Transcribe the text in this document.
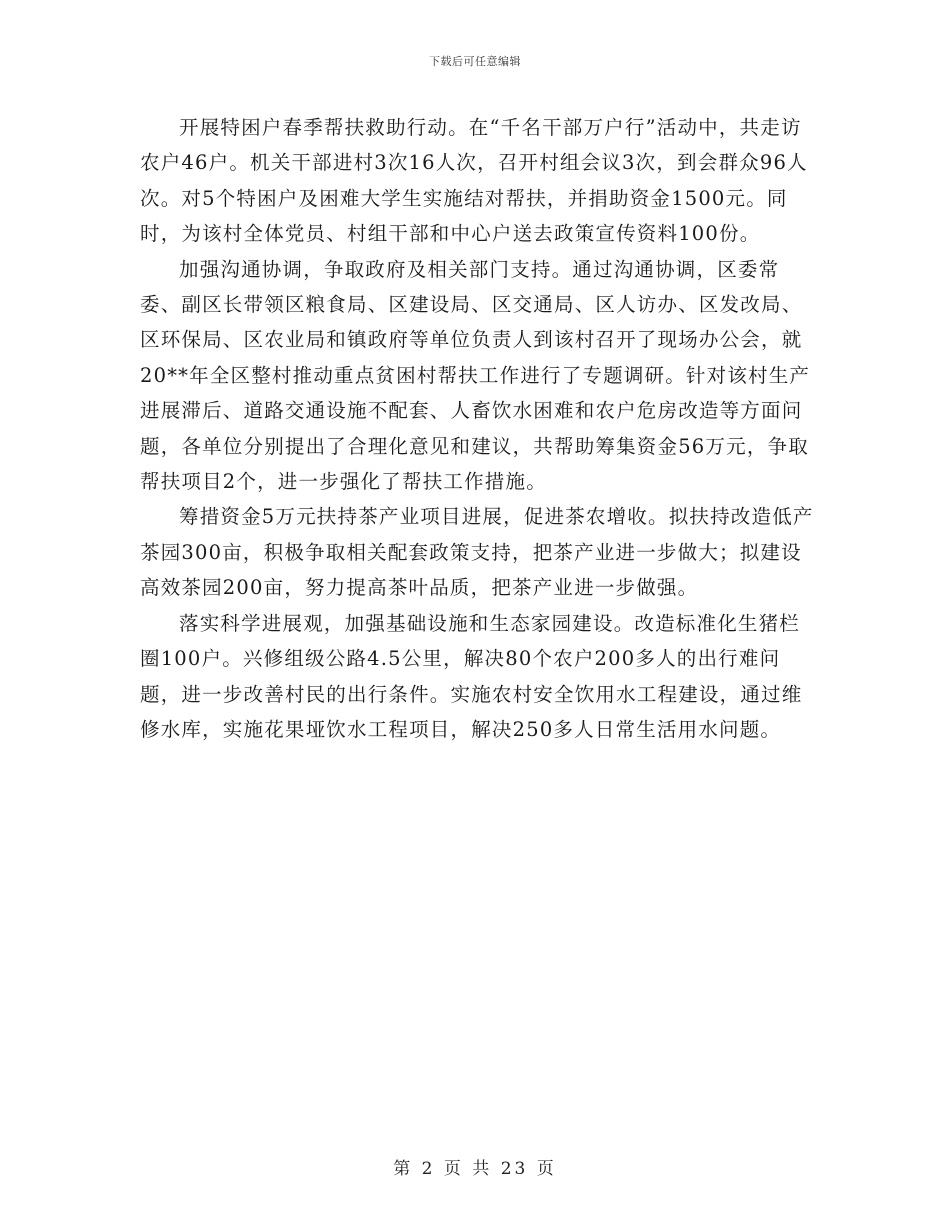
下载后可任意编辑

开展特困户春季帮扶救助行动。在“千名干部万户行”活动中，共走访农户46户。机关干部进村3次16人次，召开村组会议3次，到会群众96人次。对5个特困户及困难大学生实施结对帮扶，并捐助资金1500元。同时，为该村全体党员、村组干部和中心户送去政策宣传资料100份。

加强沟通协调，争取政府及相关部门支持。通过沟通协调，区委常委、副区长带领区粮食局、区建设局、区交通局、区人访办、区发改局、区环保局、区农业局和镇政府等单位负责人到该村召开了现场办公会，就20**年全区整村推动重点贫困村帮扶工作进行了专题调研。针对该村生产进展滞后、道路交通设施不配套、人畜饮水困难和农户危房改造等方面问题，各单位分别提出了合理化意见和建议，共帮助筹集资金56万元，争取帮扶项目2个，进一步强化了帮扶工作措施。

筹措资金5万元扶持茶产业项目进展，促进茶农增收。拟扶持改造低产茶园300亩，积极争取相关配套政策支持，把茶产业进一步做大；拟建设高效茶园200亩，努力提高茶叶品质，把茶产业进一步做强。

落实科学进展观，加强基础设施和生态家园建设。改造标准化生猪栏圈100户。兴修组级公路4.5公里，解决80个农户200多人的出行难问题，进一步改善村民的出行条件。实施农村安全饮用水工程建设，通过维修水库，实施花果垭饮水工程项目，解决250多人日常生活用水问题。

第 2 页 共 23 页
